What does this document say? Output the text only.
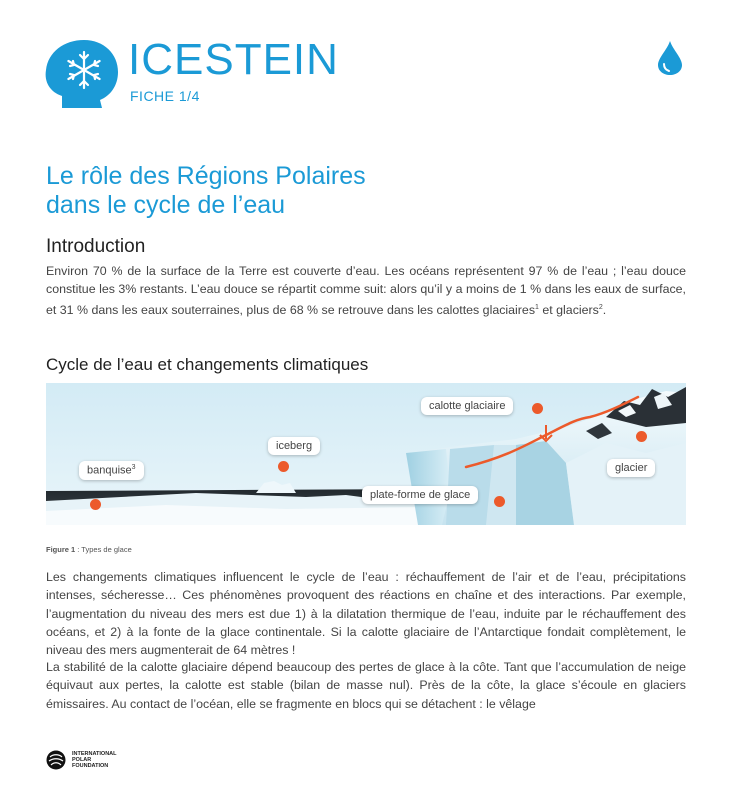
ICESTEIN
FICHE 1/4
Le rôle des Régions Polaires
dans le cycle de l’eau
Introduction
Environ 70 % de la surface de la Terre est couverte d’eau. Les océans représentent 97 % de l’eau ; l’eau douce constitue les 3% restants. L’eau douce se répartit comme suit: alors qu’il y a moins de 1 % dans les eaux de surface, et 31 % dans les eaux souterraines, plus de 68 % se retrouve dans les calottes glaciaires$^1$ et glaciers$^2$.
Cycle de l’eau et changements climatiques
calotte glaciaire
iceberg
glacier
banquise$^3$
plate-forme de glace
Figure 1 : Types de glace
Les changements climatiques influencent le cycle de l’eau : réchauffement de l’air et de l’eau, précipitations intenses, sécheresse… Ces phénomènes provoquent des réactions en chaîne et des interactions. Par exemple, l’augmentation du niveau des mers est due 1) à la dilatation thermique de l’eau, induite par le réchauffement des océans, et 2) à la fonte de la glace continentale. Si la calotte glaciaire de l’Antarctique fondait complètement, le niveau des mers augmenterait de 64 mètres !
La stabilité de la calotte glaciaire dépend beaucoup des pertes de glace à la côte. Tant que l’accumulation de neige équivaut aux pertes, la calotte est stable (bilan de masse nul). Près de la côte, la glace s’écoule en glaciers émissaires. Au contact de l’océan, elle se fragmente en blocs qui se détachent : le vêlage
INTERNATIONAL
POLAR
FOUNDATION
